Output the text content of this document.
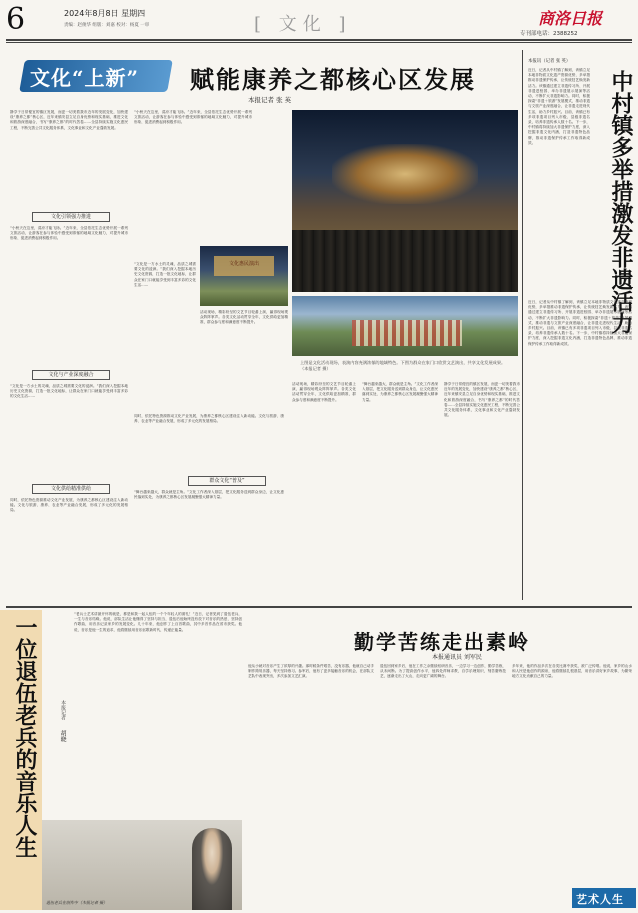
6	2024年8月8日 星期四
责编：赵俊华 组版：刘嘉 校对：杨夏 一审	[ 文化 ]	商洛日报
专刊部电话：2388252
文化“上新” 赋能康养之都核心区发展
本报记者 张 英
静享于日常便宜的镇区发展，而更一切美着我市近年的发展变化，加快建设“康养之都”核心区，近年来镇安县立足自身优势和现实基础，推进文化和旅游深度融合，书写“康养之都”的时代答卷……全县持续实施文化惠民工程，不断完善公共文化服务体系，文化事业和文化产业蓬勃发展。
文化引领强力推进
“小秋天在这里，清凉才能飞扬。”近年来，全县依托生态优势开展一系列文旅活动，让游客在参与体验中感受到浓郁的地域文化魅力，对提升城市形象、促进消费起到积极作用。
文化与产业深度融合
“文化是一方水土的灵魂，品质之城需要文化的浸润。”我们深入挖掘本地历史文化资源，打造一批文化地标，让群众在家门口就能享受到丰富多彩的文化生活……
文化供给精准供给
同时，依托特色资源推动文化产业发展，为康养之都核心区建设注入新动能。文化与旅游、康养、农业等产业融合发展，形成了多元化的发展格局。
“小秋天在这里，清凉才能飞扬。”近年来，全县依托生态优势开展一系列文旅活动，让游客在参与体验中感受到浓郁的地域文化魅力，对提升城市形象、促进消费起到积极作用。
“文化是一方水土的灵魂，品质之城需要文化的浸润。”我们深入挖掘本地历史文化资源，打造一批文化地标，让群众在家门口就能享受到丰富多彩的文化生活……
文化惠民演出
活动现场，精彩纷呈的文艺节目轮番上演，赢得现场观众阵阵掌声。各类文化活动贯穿全年，文化供给更加精准，群众参与度和满意度不断提升。
同时，依托特色资源推动文化产业发展，为康养之都核心区建设注入新动能。文化与旅游、康养、农业等产业融合发展，形成了多元化的发展格局。
群众文化“普及”
“舞台越来越大，群众就是主角。”文化工作者深入基层，把文化服务送到群众身边，让文化惠民落到实处，为康养之都核心区发展凝聚强大精神力量。
上图是文化活动现场，表演内容充满浓郁的地域特色。下图为群众在家门口欣赏文艺演出，共享文化发展成果。（本报记者 摄）
活动现场，精彩纷呈的文艺节目轮番上演，赢得现场观众阵阵掌声。各类文化活动贯穿全年，文化供给更加精准，群众参与度和满意度不断提升。
“舞台越来越大，群众就是主角。”文化工作者深入基层，把文化服务送到群众身边，让文化惠民落到实处，为康养之都核心区发展凝聚强大精神力量。
静享于日常便宜的镇区发展，而更一切美着我市近年的发展变化，加快建设“康养之都”核心区，近年来镇安县立足自身优势和现实基础，推进文化和旅游深度融合，书写“康养之都”的时代答卷……全县持续实施文化惠民工程，不断完善公共文化服务体系，文化事业和文化产业蓬勃发展。
中村镇多举措激发非遗活力
本报讯（记者 张 英）
近日，记者从中村镇了解到，该镇立足本地非物质文化遗产资源优势，多举措推动非遗保护传承，让传统技艺焕发新活力。该镇通过建立非遗传习所、开展非遗进校园、举办非遗展示展演等活动，不断扩大非遗影响力。同时，积极探索“非遗＋旅游”发展模式，推动非遗与文旅产业深度融合，让非遗走进现代生活，助力乡村振兴。目前，该镇已有多项非遗项目列入市级、县级非遗名录，培养非遗传承人数十名。下一步，中村镇将持续加大非遗保护力度，深入挖掘非遗文化内涵，打造非遗特色品牌，推动非遗保护传承工作取得新成效。
近日，记者从中村镇了解到，该镇立足本地非物质文化遗产资源优势，多举措推动非遗保护传承，让传统技艺焕发新活力。该镇通过建立非遗传习所、开展非遗进校园、举办非遗展示展演等活动，不断扩大非遗影响力。同时，积极探索“非遗＋旅游”发展模式，推动非遗与文旅产业深度融合，让非遗走进现代生活，助力乡村振兴。目前，该镇已有多项非遗项目列入市级、县级非遗名录，培养非遗传承人数十名。下一步，中村镇将持续加大非遗保护力度，深入挖掘非遗文化内涵，打造非遗特色品牌，推动非遗保护传承工作取得新成效。
一位退伍老兵的音乐人生	本报记者
胡晓
“老兵士艺术讲最开怀的就是，都是和我一起人伍的一个个年轻人的面孔！”近日，记者见到了退伍老兵，一生与音乐结缘。他说，部队生活让他懂得了坚持与担当，退伍后他始终没有放下对音乐的热爱，坚持创作歌曲，用音乐记录家乡的发展变化。几十年来，他创作了上百首歌曲，其中多首作品在省市获奖。他说，音乐是他一生的追求，他将继续用音乐讴歌新时代，传递正能量。
退伍老兵在创作中（本报记者 摄）
勤学苦练走出素岭
本报通讯员 刘军民
他从小就对音乐产生了浓厚的兴趣。那时候条件艰苦，没有乐器，他就自己动手制作简易乐器，每天坚持练习。参军后，他有了更多接触音乐的机会，在部队文艺队中表现突出，多次参加文艺汇演。
退伍回到家乡后，他在工作之余继续钻研音乐，一边学习一边创作，勤学苦练，从未间断。为了提高创作水平，他四处拜师求教，自学乐理知识，刻苦磨炼技艺，逐渐走出了大山，走向更广阔的舞台。
多年来，他的作品多次在各类比赛中获奖，被广泛传唱。他说，家乡的山水和人民是他创作的源泉，他将继续扎根基层，用音乐讲好家乡故事，为繁荣地方文化贡献自己的力量。
艺术人生
